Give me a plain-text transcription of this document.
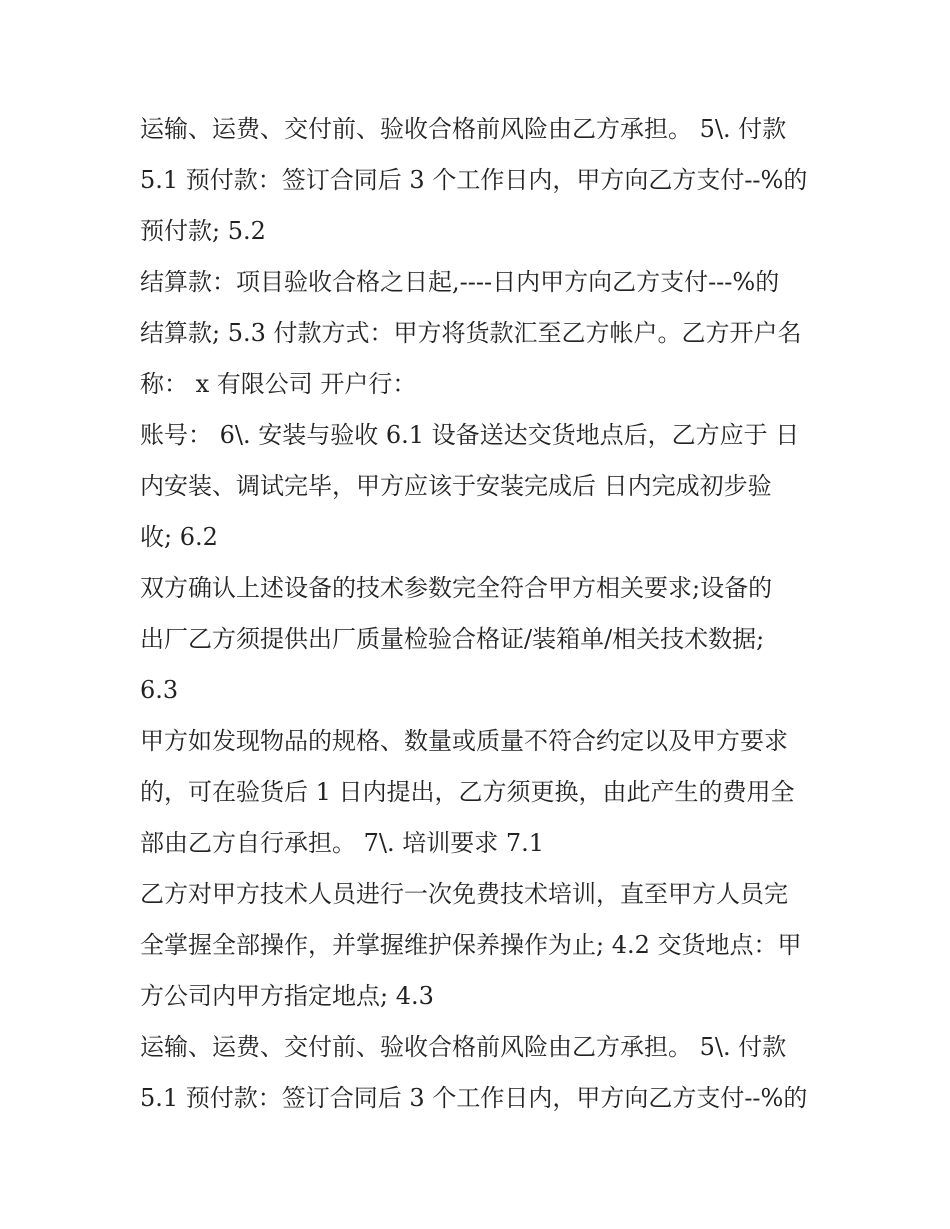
运输、运费、交付前、验收合格前风险由乙方承担。 5\. 付款
5.1 预付款：签订合同后 3 个工作日内，甲方向乙方支付--%的
预付款; 5.2
结算款：项目验收合格之日起,----日内甲方向乙方支付---%的
结算款; 5.3 付款方式：甲方将货款汇至乙方帐户。乙方开户名
称： x 有限公司 开户行：
账号： 6\. 安装与验收 6.1 设备送达交货地点后，乙方应于 日
内安装、调试完毕，甲方应该于安装完成后 日内完成初步验
收; 6.2
双方确认上述设备的技术参数完全符合甲方相关要求;设备的
出厂乙方须提供出厂质量检验合格证/装箱单/相关技术数据;
6.3
甲方如发现物品的规格、数量或质量不符合约定以及甲方要求
的，可在验货后 1 日内提出，乙方须更换，由此产生的费用全
部由乙方自行承担。 7\. 培训要求 7.1
乙方对甲方技术人员进行一次免费技术培训，直至甲方人员完
全掌握全部操作，并掌握维护保养操作为止; 4.2 交货地点：甲
方公司内甲方指定地点; 4.3
运输、运费、交付前、验收合格前风险由乙方承担。 5\. 付款
5.1 预付款：签订合同后 3 个工作日内，甲方向乙方支付--%的
